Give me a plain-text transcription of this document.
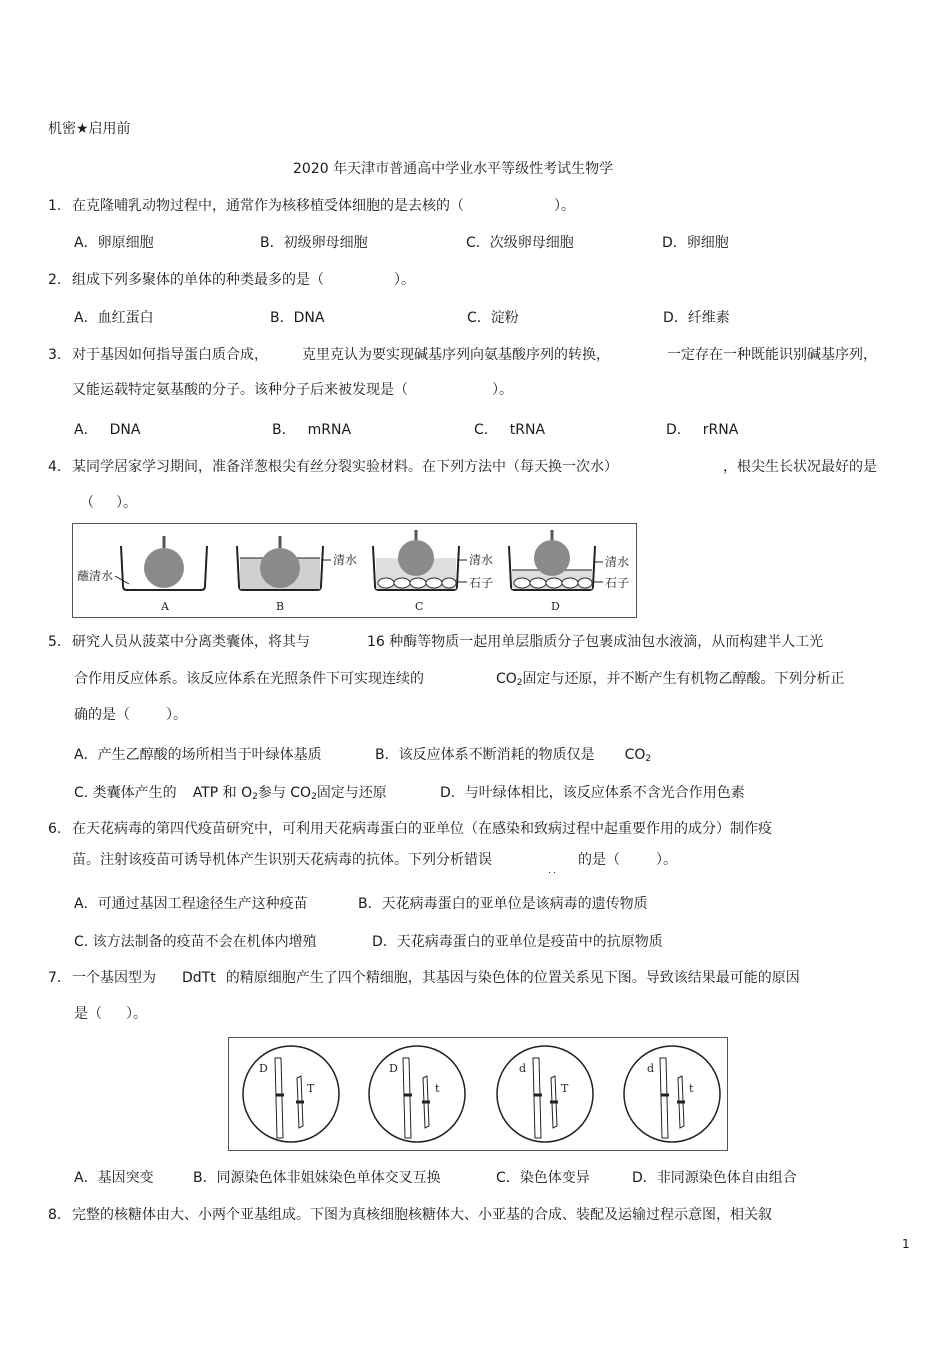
机密★启用前
2020 年天津市普通高中学业水平等级性考试生物学
1. 在克隆哺乳动物过程中，通常作为核移植受体细胞的是去核的（	）。
A．卵原细胞	B．初级卵母细胞	C．次级卵母细胞	D．卵细胞
2. 组成下列多聚体的单体的种类最多的是（	）。
A．血红蛋白	B．DNA	C．淀粉	D．纤维素
3. 对于基因如何指导蛋白质合成， 克里克认为要实现碱基序列向氨基酸序列的转换，	一定存在一种既能识别碱基序列，
又能运载特定氨基酸的分子。该种分子后来被发现是（	）。
A． DNA	B． mRNA	C． tRNA	D． rRNA
4. 某同学居家学习期间，准备洋葱根尖有丝分裂实验材料。在下列方法中（每天换一次水）	，根尖生长状况最好的是
（ ）。
蘸清水
A
清水
B
清水
石子
C
清水
石子
D
5. 研究人员从菠菜中分离类囊体，将其与	16 种酶等物质一起用单层脂质分子包裹成油包水液滴，从而构建半人工光
合作用反应体系。该反应体系在光照条件下可实现连续的	$CO_2$固定与还原，并不断产生有机物乙醇酸。下列分析正
确的是（	）。
A．产生乙醇酸的场所相当于叶绿体基质	B．该反应体系不断消耗的物质仅是 $CO_2$
C. 类囊体产生的 ATP 和 $O_2$参与 $CO_2$固定与还原	D．与叶绿体相比，该反应体系不含光合作用色素
6. 在天花病毒的第四代疫苗研究中，可利用天花病毒蛋白的亚单位（在感染和致病过程中起重要作用的成分）制作疫
苗。注射该疫苗可诱导机体产生识别天花病毒的抗体。下列分析错误
．．
的是（	）。
A．可通过基因工程途径生产这种疫苗	B．天花病毒蛋白的亚单位是该病毒的遗传物质
C. 该方法制备的疫苗不会在机体内增殖	D．天花病毒蛋白的亚单位是疫苗中的抗原物质
7. 一个基因型为 DdTt 的精原细胞产生了四个精细胞，其基因与染色体的位置关系见下图。导致该结果最可能的原因
是（ ）。
D
T
D
t
d
T
d
t
A．基因突变	B．同源染色体非姐妹染色单体交叉互换	C．染色体变异	D．非同源染色体自由组合
8. 完整的核糖体由大、小两个亚基组成。下图为真核细胞核糖体大、小亚基的合成、装配及运输过程示意图，相关叙
1
